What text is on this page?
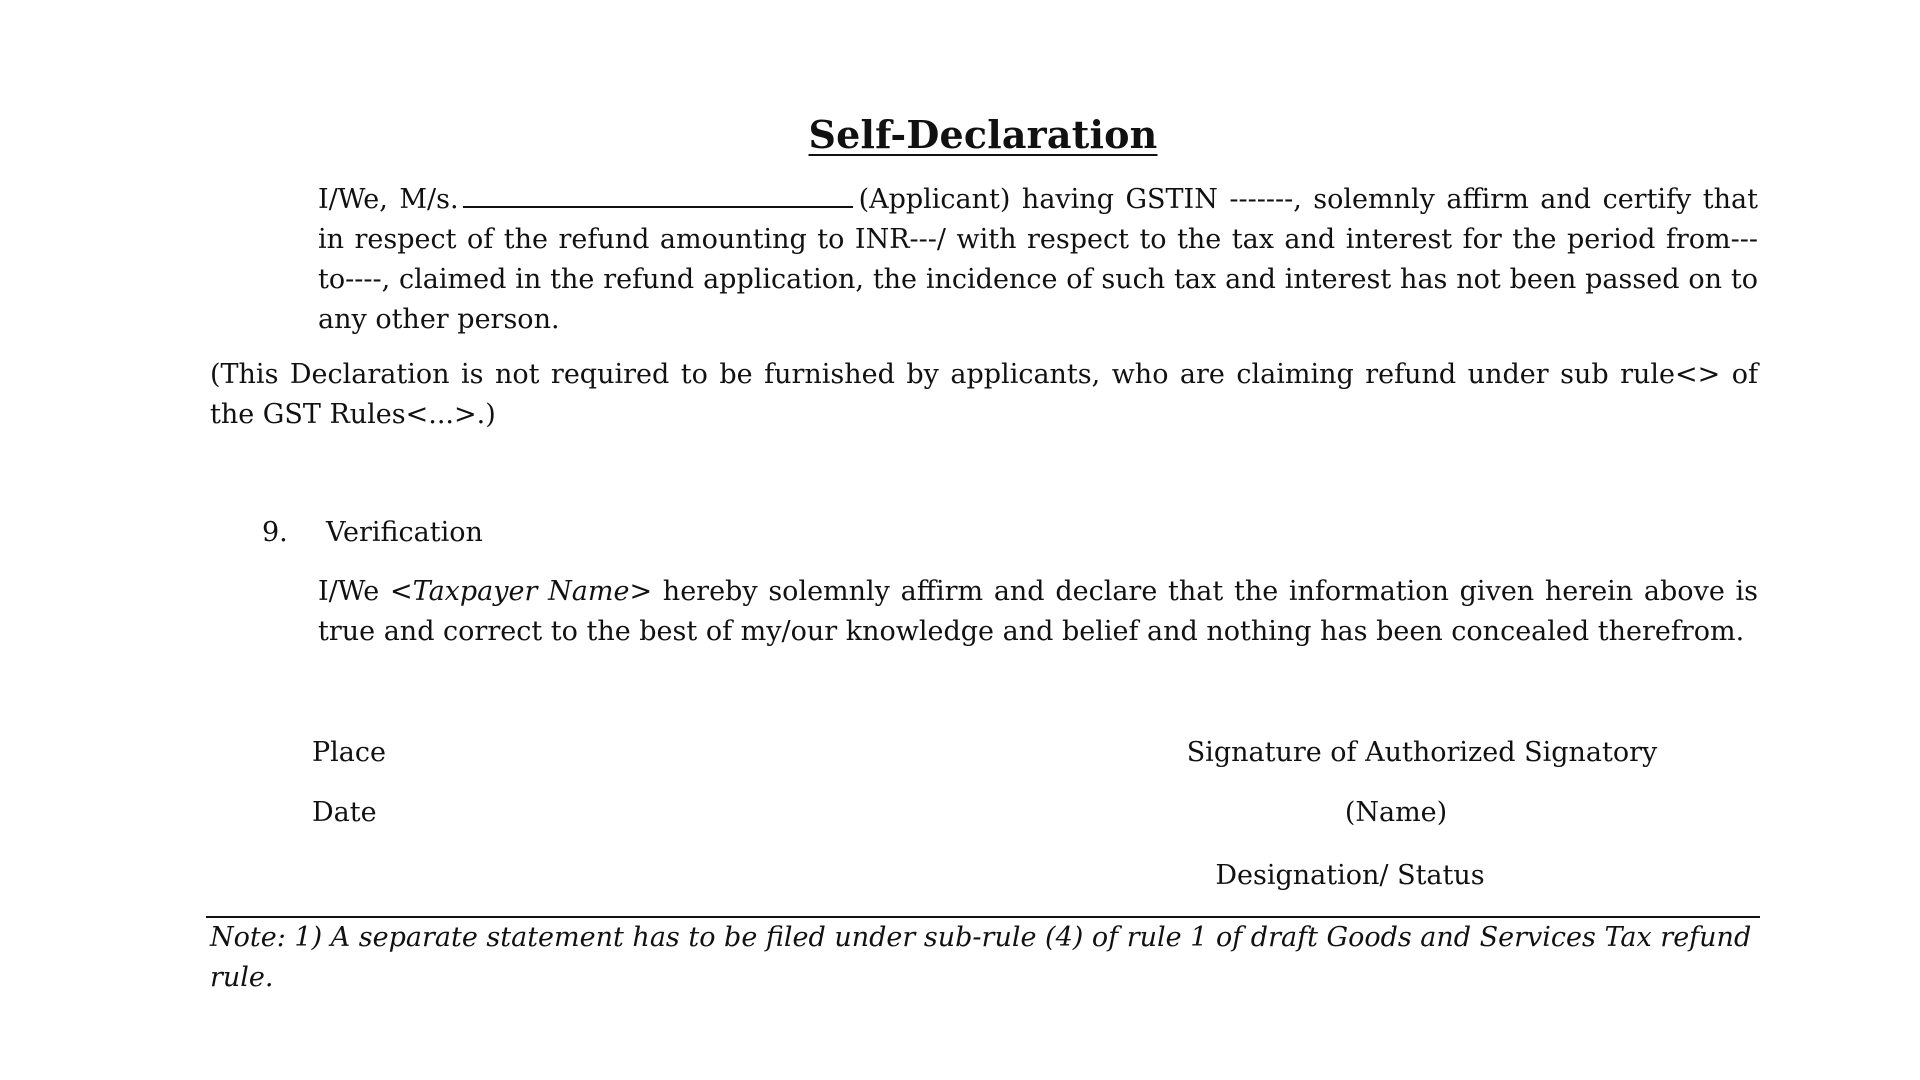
Self-Declaration
I/We, M/s.	(Applicant) having GSTIN -------, solemnly affirm and certify that in respect of the refund amounting to INR---/ with respect to the tax and interest for the period from---to----, claimed in the refund application, the incidence of such tax and interest has not been passed on to any other person.
(This Declaration is not required to be furnished by applicants, who are claiming refund under sub rule<> of the GST Rules<...>.)
9. Verification
I/We <Taxpayer Name> hereby solemnly affirm and declare that the information given herein above is true and correct to the best of my/our knowledge and belief and nothing has been concealed therefrom.
Place
Date
Signature of Authorized Signatory
(Name)
Designation/ Status
Note: 1) A separate statement has to be filed under sub-rule (4) of rule 1 of draft Goods and Services Tax refund rule.
